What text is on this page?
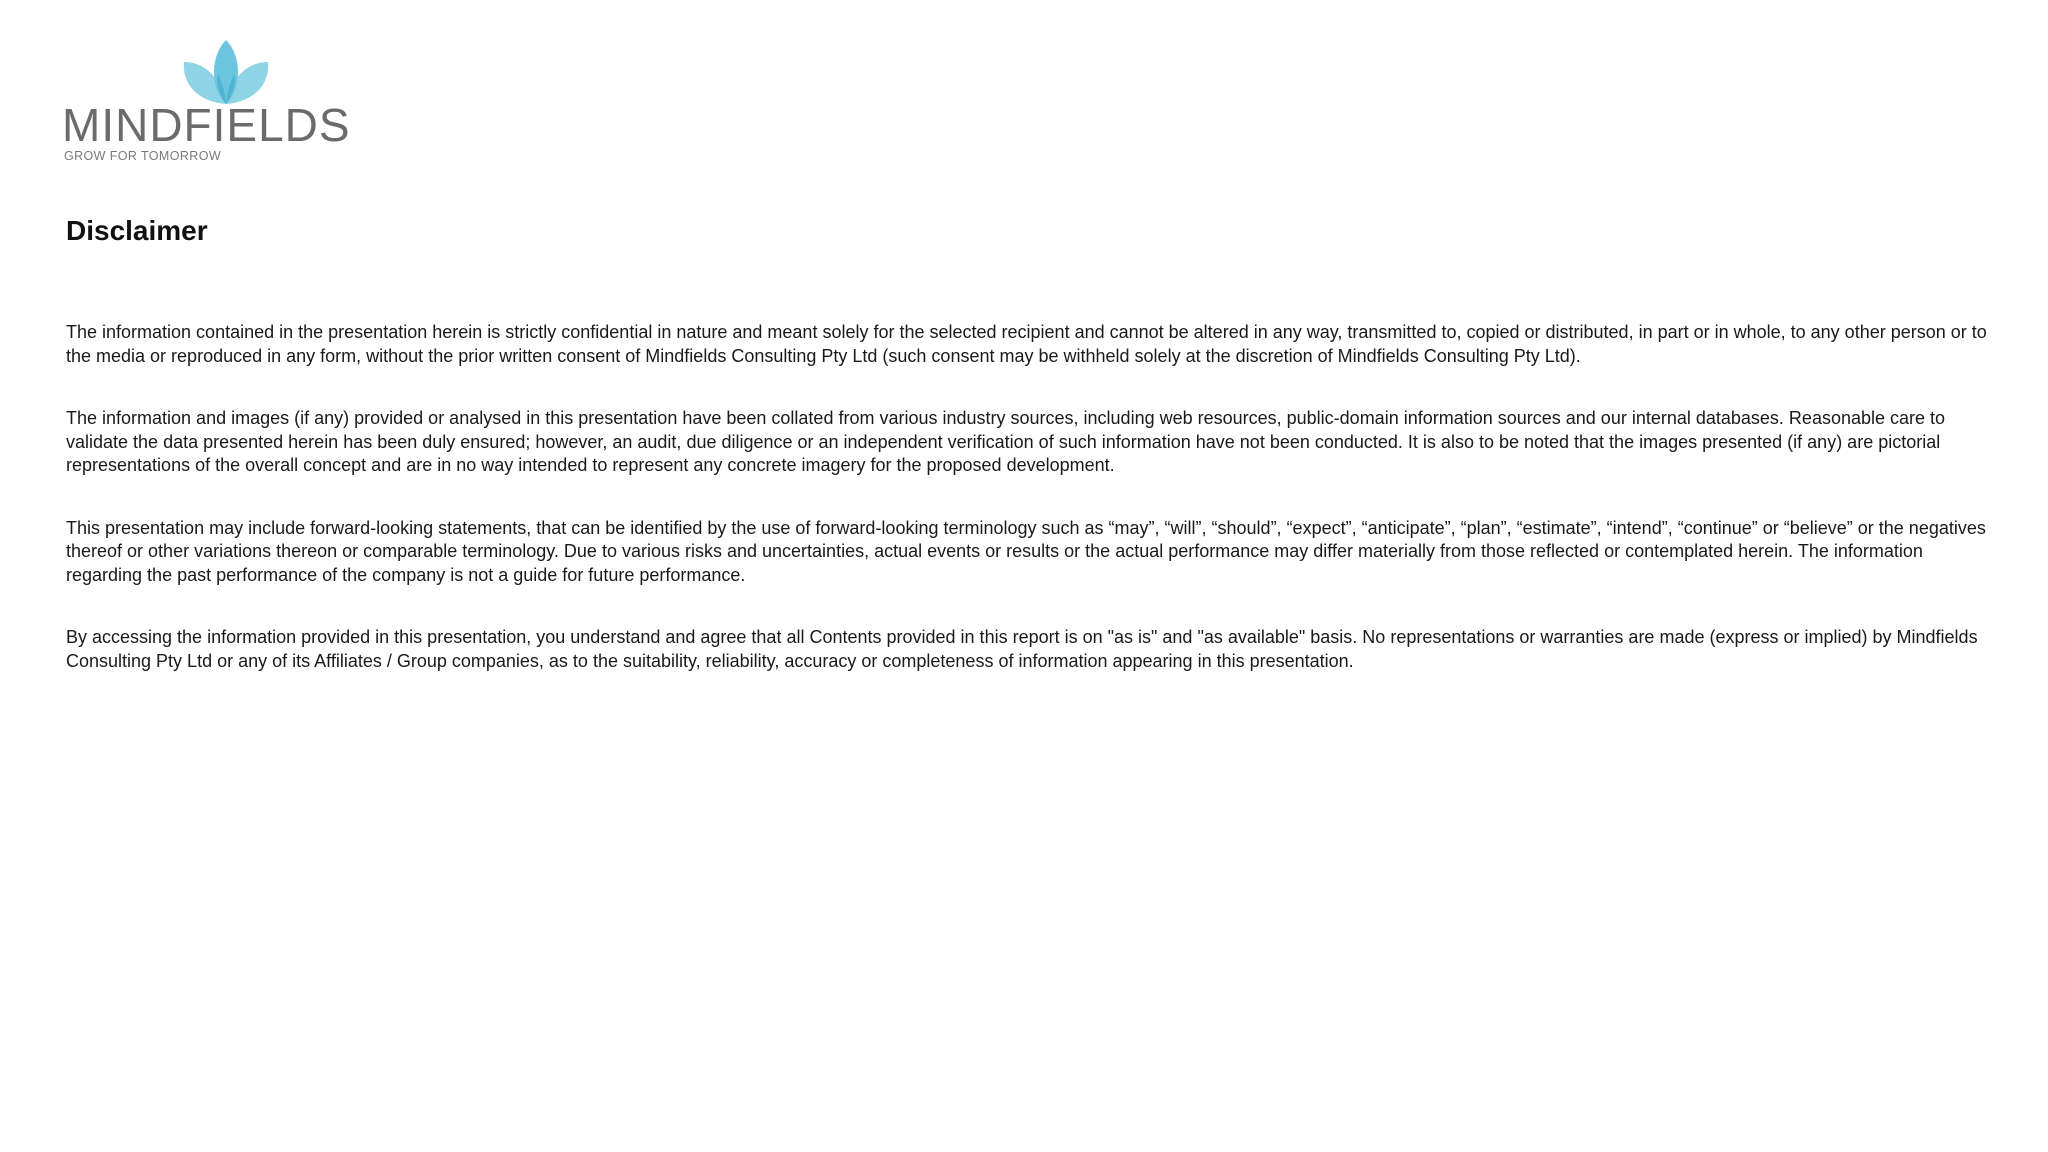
MINDFIELDS
GROW FOR TOMORROW
Disclaimer

The information contained in the presentation herein is strictly confidential in nature and meant solely for the selected recipient and cannot be altered in any way, transmitted to, copied or distributed, in part or in whole, to any other person or to the media or reproduced in any form, without the prior written consent of Mindfields Consulting Pty Ltd (such consent may be withheld solely at the discretion of Mindfields Consulting Pty Ltd).

The information and images (if any) provided or analysed in this presentation have been collated from various industry sources, including web resources, public-domain information sources and our internal databases. Reasonable care to validate the data presented herein has been duly ensured; however, an audit, due diligence or an independent verification of such information have not been conducted. It is also to be noted that the images presented (if any) are pictorial representations of the overall concept and are in no way intended to represent any concrete imagery for the proposed development.

This presentation may include forward-looking statements, that can be identified by the use of forward-looking terminology such as “may”, “will”, “should”, “expect”, “anticipate”, “plan”, “estimate”, “intend”, “continue” or “believe” or the negatives thereof or other variations thereon or comparable terminology. Due to various risks and uncertainties, actual events or results or the actual performance may differ materially from those reflected or contemplated herein. The information regarding the past performance of the company is not a guide for future performance.

By accessing the information provided in this presentation, you understand and agree that all Contents provided in this report is on "as is" and "as available" basis. No representations or warranties are made (express or implied) by Mindfields Consulting Pty Ltd or any of its Affiliates / Group companies, as to the suitability, reliability, accuracy or completeness of information appearing in this presentation.
